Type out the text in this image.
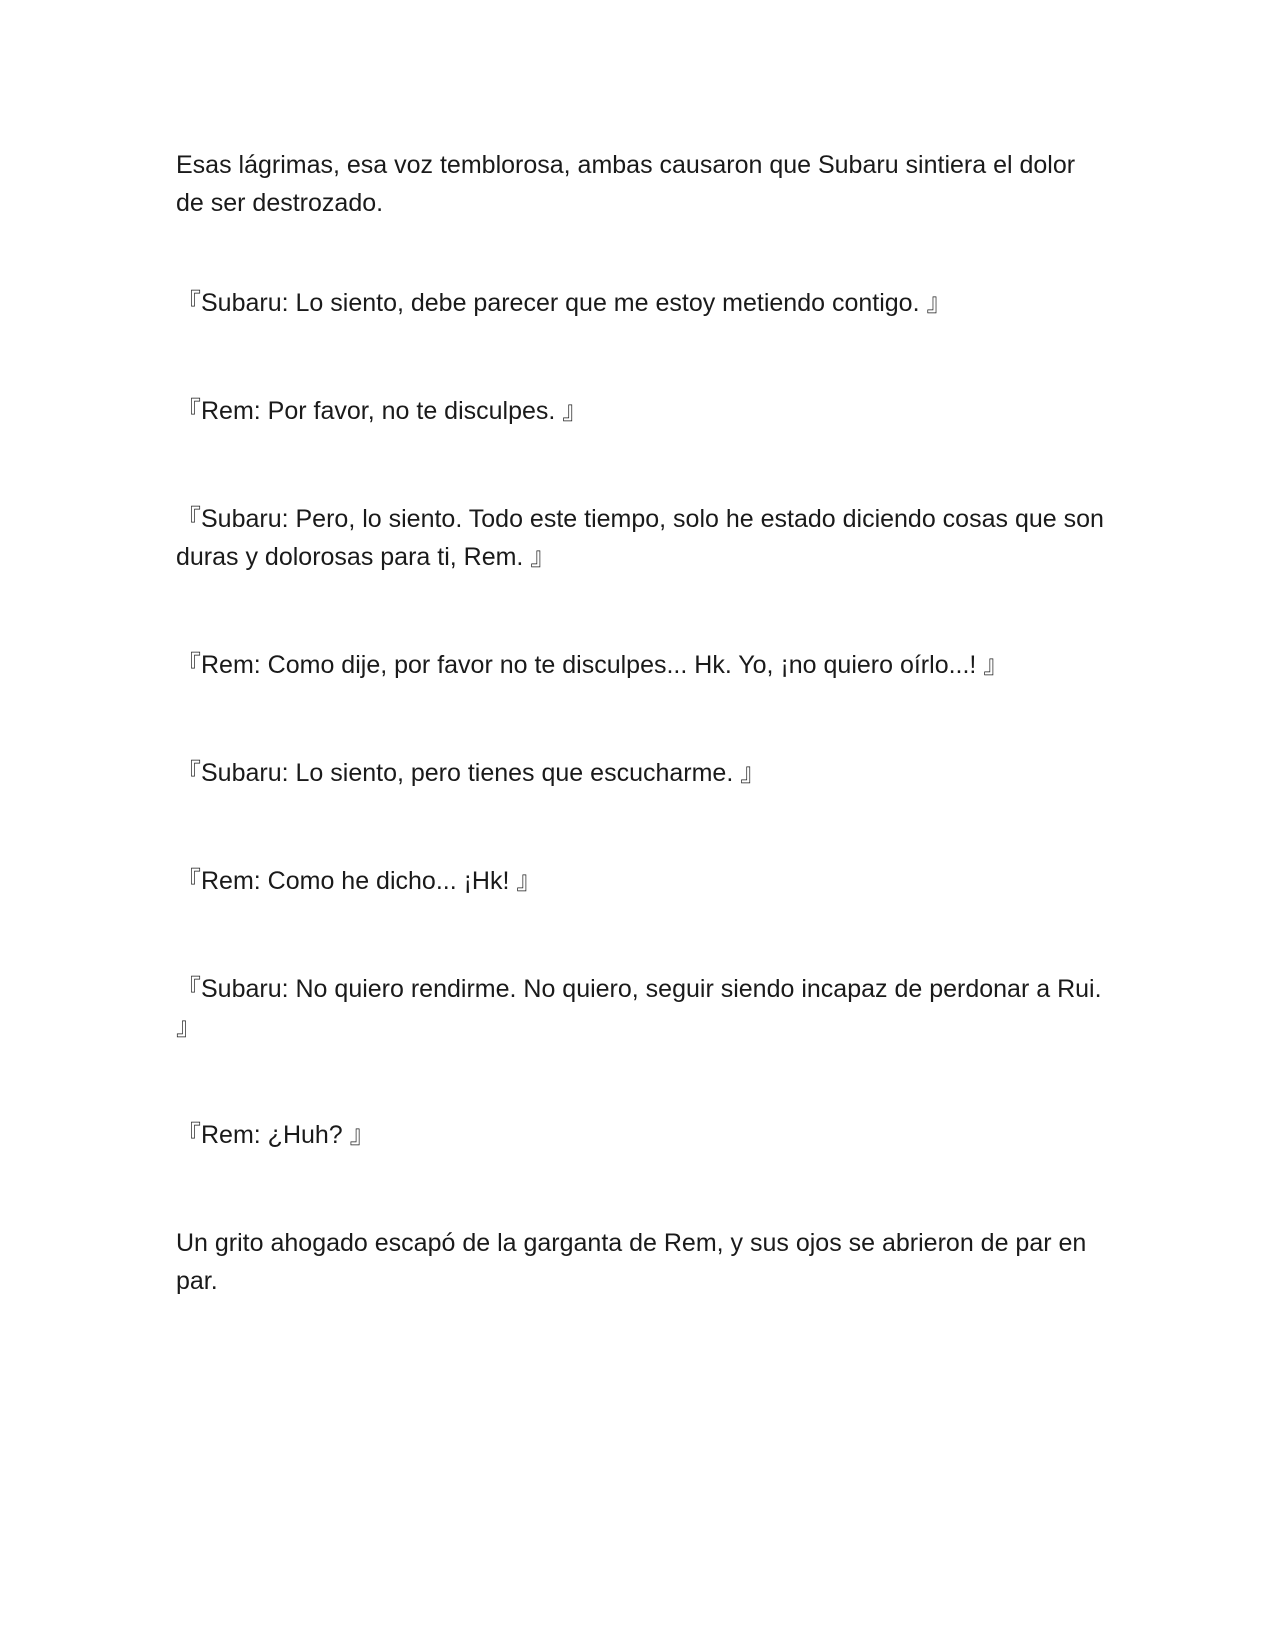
Esas lágrimas, esa voz temblorosa, ambas causaron que Subaru sintiera el dolor de ser destrozado.

『Subaru: Lo siento, debe parecer que me estoy metiendo contigo. 』

『Rem: Por favor, no te disculpes. 』

『Subaru: Pero, lo siento. Todo este tiempo, solo he estado diciendo cosas que son duras y dolorosas para ti, Rem. 』

『Rem: Como dije, por favor no te disculpes... Hk. Yo, ¡no quiero oírlo...! 』

『Subaru: Lo siento, pero tienes que escucharme. 』

『Rem: Como he dicho... ¡Hk! 』

『Subaru: No quiero rendirme. No quiero, seguir siendo incapaz de perdonar a Rui. 』

『Rem: ¿Huh? 』

Un grito ahogado escapó de la garganta de Rem, y sus ojos se abrieron de par en par.
